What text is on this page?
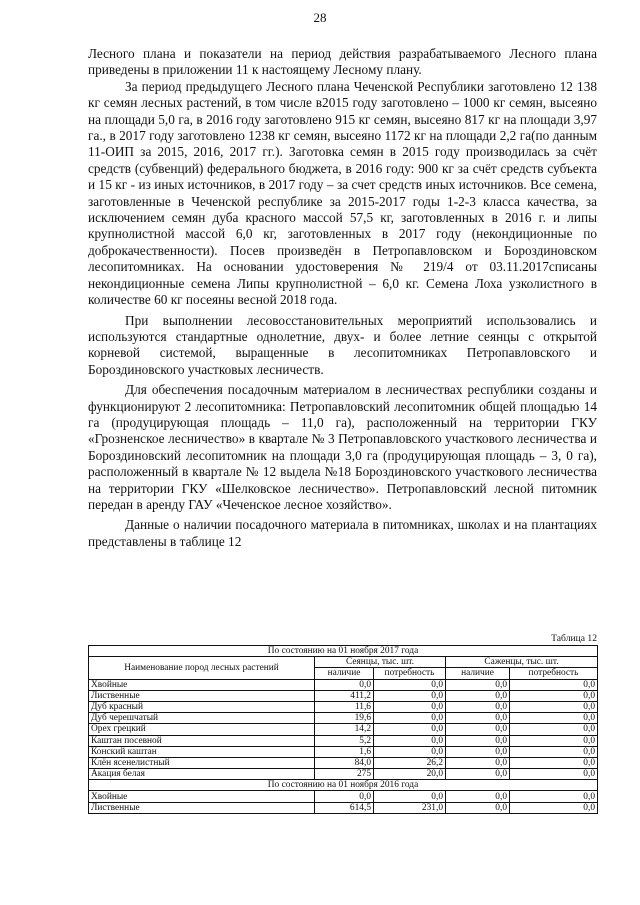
28

Лесного плана и показатели на период действия разрабатываемого Лесного плана приведены в приложении 11 к настоящему Лесному плану.

За период предыдущего Лесного плана Чеченской Республики заготовлено 12 138 кг семян лесных растений, в том числе в2015 году заготовлено – 1000 кг семян, высеяно на площади 5,0 га, в 2016 году заготовлено 915 кг семян, высеяно 817 кг на площади 3,97 га., в 2017 году заготовлено 1238 кг семян, высеяно 1172 кг на площади 2,2 га(по данным 11-ОИП за 2015, 2016, 2017 гг.). Заготовка семян в 2015 году производилась за счёт средств (субвенций) федерального бюджета, в 2016 году: 900 кг за счёт средств субъекта и 15 кг - из иных источников, в 2017 году – за счет средств иных источников. Все семена, заготовленные в Чеченской республике за 2015-2017 годы 1-2-3 класса качества, за исключением семян дуба красного массой 57,5 кг, заготовленных в 2016 г. и липы крупнолистной массой 6,0 кг, заготовленных в 2017 году (некондиционные по доброкачественности). Посев произведён в Петропавловском и Бороздиновском лесопитомниках. На основании удостоверения № 219/4 от 03.11.2017списаны некондиционные семена Липы крупнолистной – 6,0 кг. Семена Лоха узколистного в количестве 60 кг посеяны весной 2018 года.

При выполнении лесовосстановительных мероприятий использовались и используются стандартные однолетние, двух- и более летние сеянцы с открытой корневой системой, выращенные в лесопитомниках Петропавловского и Бороздиновского участковых лесничеств.

Для обеспечения посадочным материалом в лесничествах республики созданы и функционируют 2 лесопитомника: Петропавловский лесопитомник общей площадью 14 га (продуцирующая площадь – 11,0 га), расположенный на территории ГКУ «Грозненское лесничество» в квартале № 3 Петропавловского участкового лесничества и Бороздиновский лесопитомник на площади 3,0 га (продуцирующая площадь – 3, 0 га), расположенный в квартале № 12 выдела №18 Бороздиновского участкового лесничества на территории ГКУ «Шелковское лесничество». Петропавловский лесной питомник передан в аренду ГАУ «Чеченское лесное хозяйство».

Данные о наличии посадочного материала в питомниках, школах и на плантациях представлены в таблице 12

Таблица 12
По состоянию на 01 ноября 2017 года				
Наименование пород лесных растений	Сеянцы, тыс. шт.		Саженцы, тыс. шт.	
	наличие	потребность	наличие	потребность
Хвойные	0,0	0,0	0,0	0,0
Лиственные	411,2	0,0	0,0	0,0
Дуб красный	11,6	0,0	0,0	0,0
Дуб черешчатый	19,6	0,0	0,0	0,0
Орех грецкий	14,2	0,0	0,0	0,0
Каштан посевной	5,2	0,0	0,0	0,0
Конский каштан	1,6	0,0	0,0	0,0
Клён ясенелистный	84,0	26,2	0,0	0,0
Акация белая	275	20,0	0,0	0,0
По состоянию на 01 ноября 2016 года				
Хвойные	0,0	0,0	0,0	0,0
Лиственные	614,5	231,0	0,0	0,0
